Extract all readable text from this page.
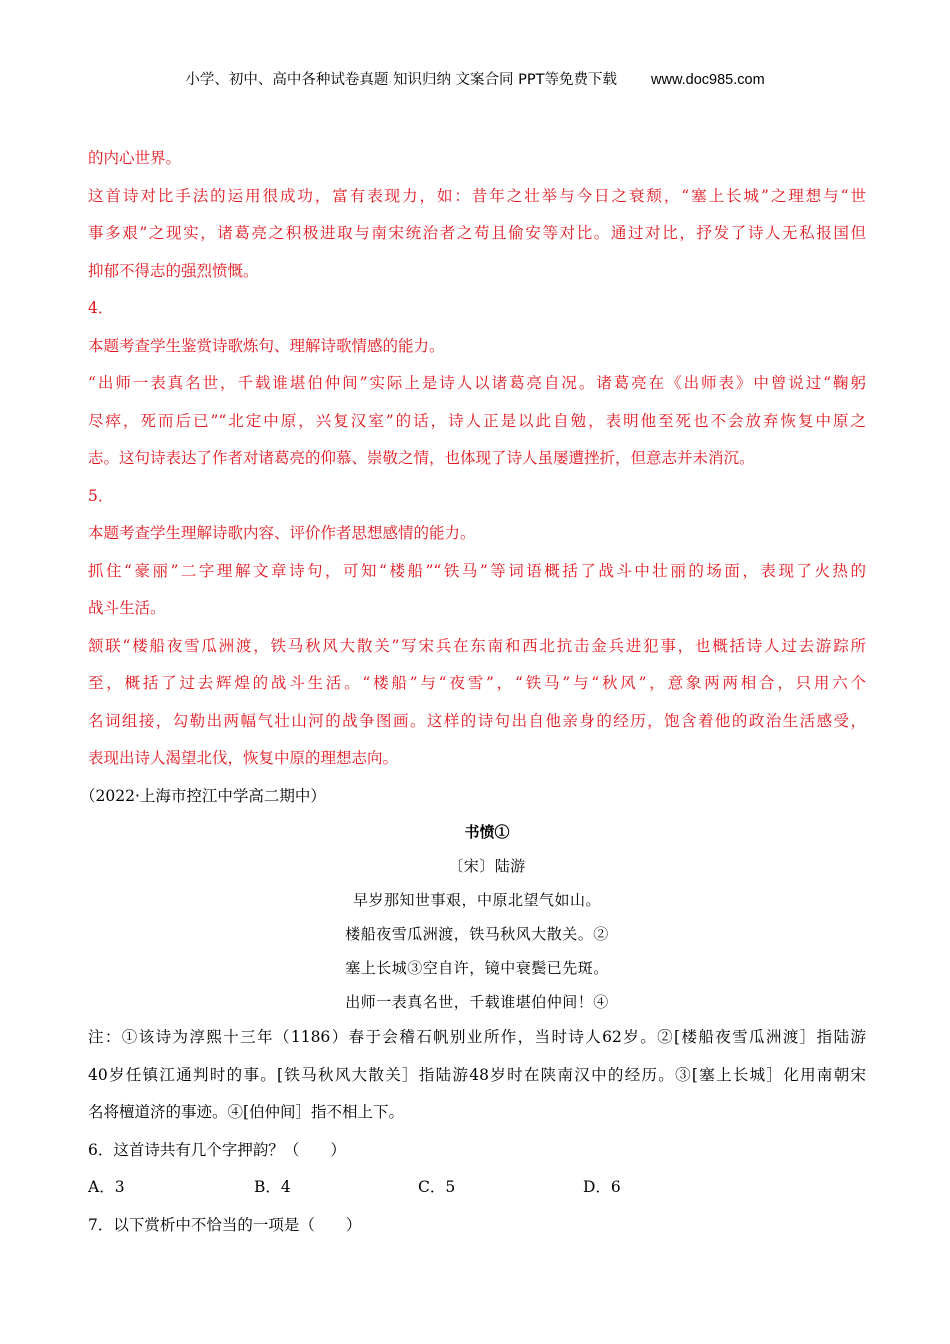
小学、初中、高中各种试卷真题 知识归纳 文案合同 PPT等免费下载 www.doc985.com
的内心世界。
这首诗对比手法的运用很成功，富有表现力，如：昔年之壮举与今日之衰颓，“塞上长城”之理想与“世
事多艰”之现实，诸葛亮之积极进取与南宋统治者之苟且偷安等对比。通过对比，抒发了诗人无私报国但
抑郁不得志的强烈愤慨。
4．
本题考查学生鉴赏诗歌炼句、理解诗歌情感的能力。
“出师一表真名世，千载谁堪伯仲间”实际上是诗人以诸葛亮自况。诸葛亮在《出师表》中曾说过“鞠躬
尽瘁，死而后已”“北定中原，兴复汉室”的话，诗人正是以此自勉，表明他至死也不会放弃恢复中原之
志。这句诗表达了作者对诸葛亮的仰慕、崇敬之情，也体现了诗人虽屡遭挫折，但意志并未消沉。
5．
本题考查学生理解诗歌内容、评价作者思想感情的能力。
抓住“豪丽”二字理解文章诗句，可知“楼船”“铁马”等词语概括了战斗中壮丽的场面，表现了火热的
战斗生活。
颔联“楼船夜雪瓜洲渡，铁马秋风大散关”写宋兵在东南和西北抗击金兵进犯事，也概括诗人过去游踪所
至，概括了过去辉煌的战斗生活。“楼船”与“夜雪”，“铁马”与“秋风”，意象两两相合，只用六个
名词组接，勾勒出两幅气壮山河的战争图画。这样的诗句出自他亲身的经历，饱含着他的政治生活感受，
表现出诗人渴望北伐，恢复中原的理想志向。
（2022·上海市控江中学高二期中）
书愤①
〔宋〕陆游
早岁那知世事艰，中原北望气如山。
楼船夜雪瓜洲渡，铁马秋风大散关。②
塞上长城③空自许，镜中衰鬓已先斑。
出师一表真名世，千载谁堪伯仲间！④
注：①该诗为淳熙十三年（1186）春于会稽石帆别业所作，当时诗人62岁。②[楼船夜雪瓜洲渡］指陆游
40岁任镇江通判时的事。[铁马秋风大散关］指陆游48岁时在陕南汉中的经历。③[塞上长城］化用南朝宋
名将檀道济的事迹。④[伯仲间］指不相上下。
6．这首诗共有几个字押韵？（　　）
A．3	B．4	C．5	D．6
7．以下赏析中不恰当的一项是（　　）
